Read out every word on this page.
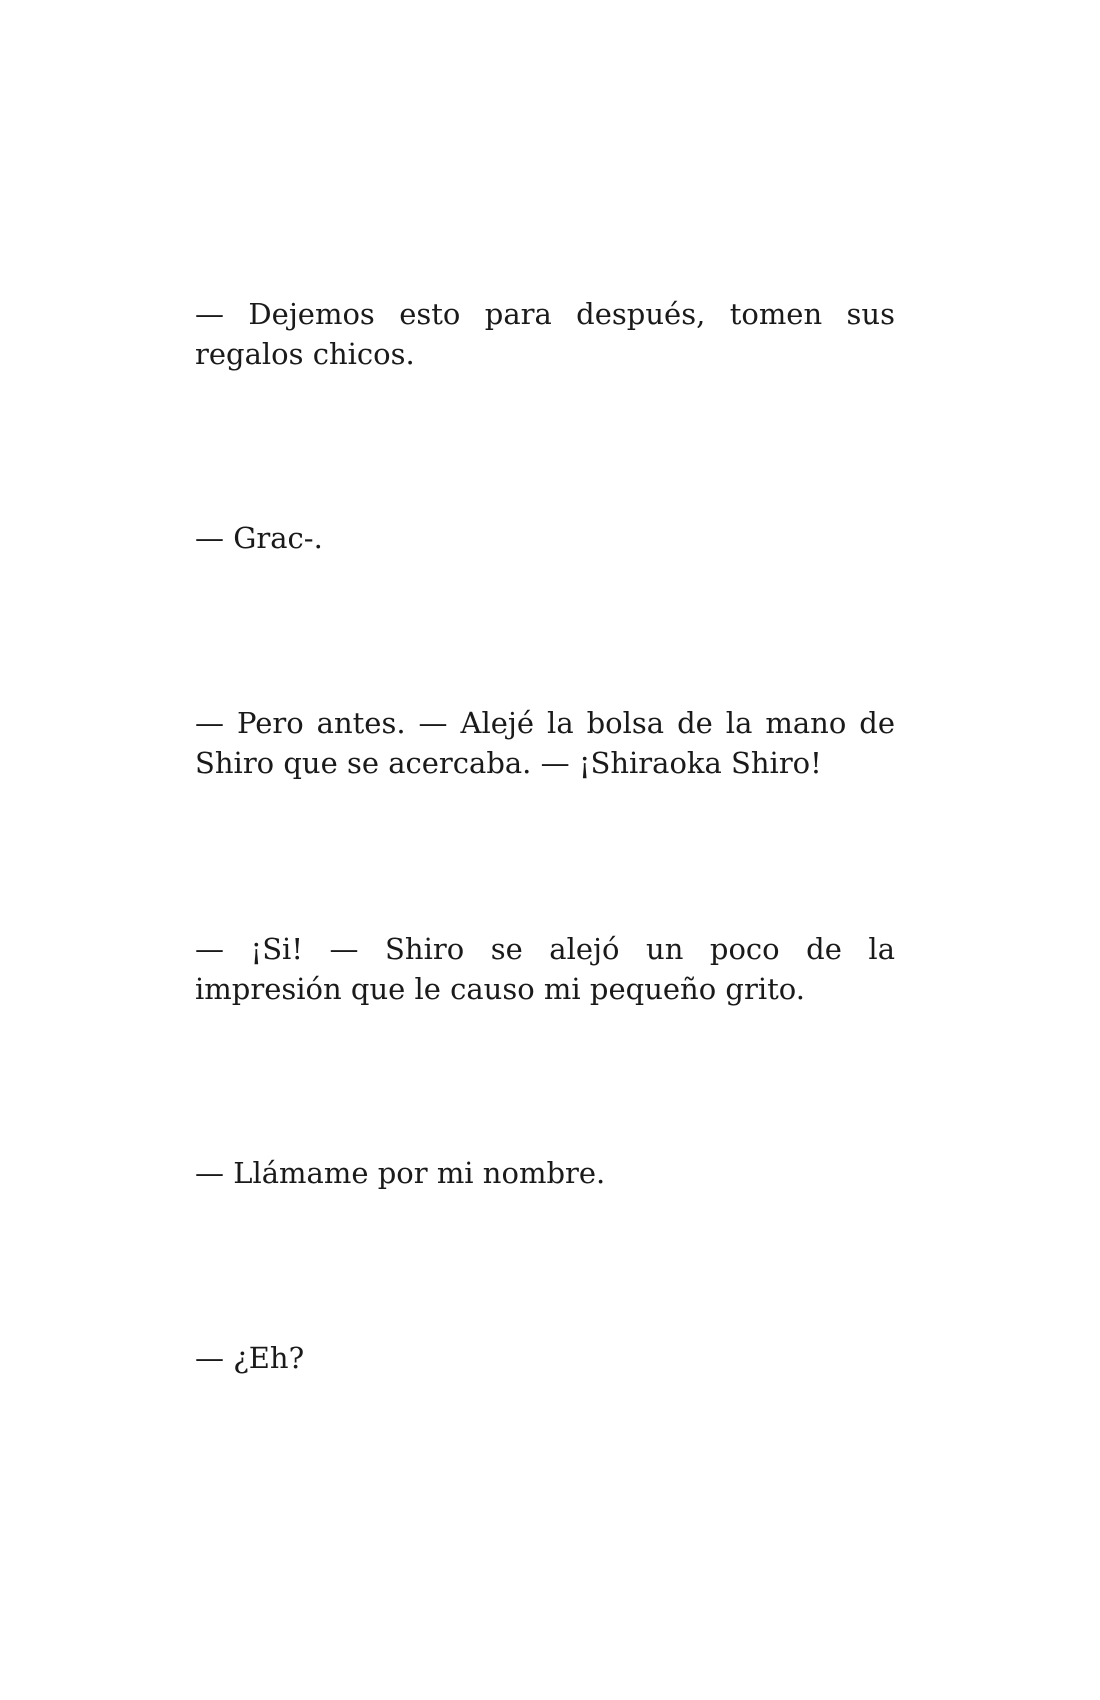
— Dejemos esto para después, tomen sus regalos chicos.

— Grac-.

— Pero antes. — Alejé la bolsa de la mano de Shiro que se acercaba. — ¡Shiraoka Shiro!

— ¡Si! — Shiro se alejó un poco de la impresión que le causo mi pequeño grito.

— Llámame por mi nombre.

— ¿Eh?
